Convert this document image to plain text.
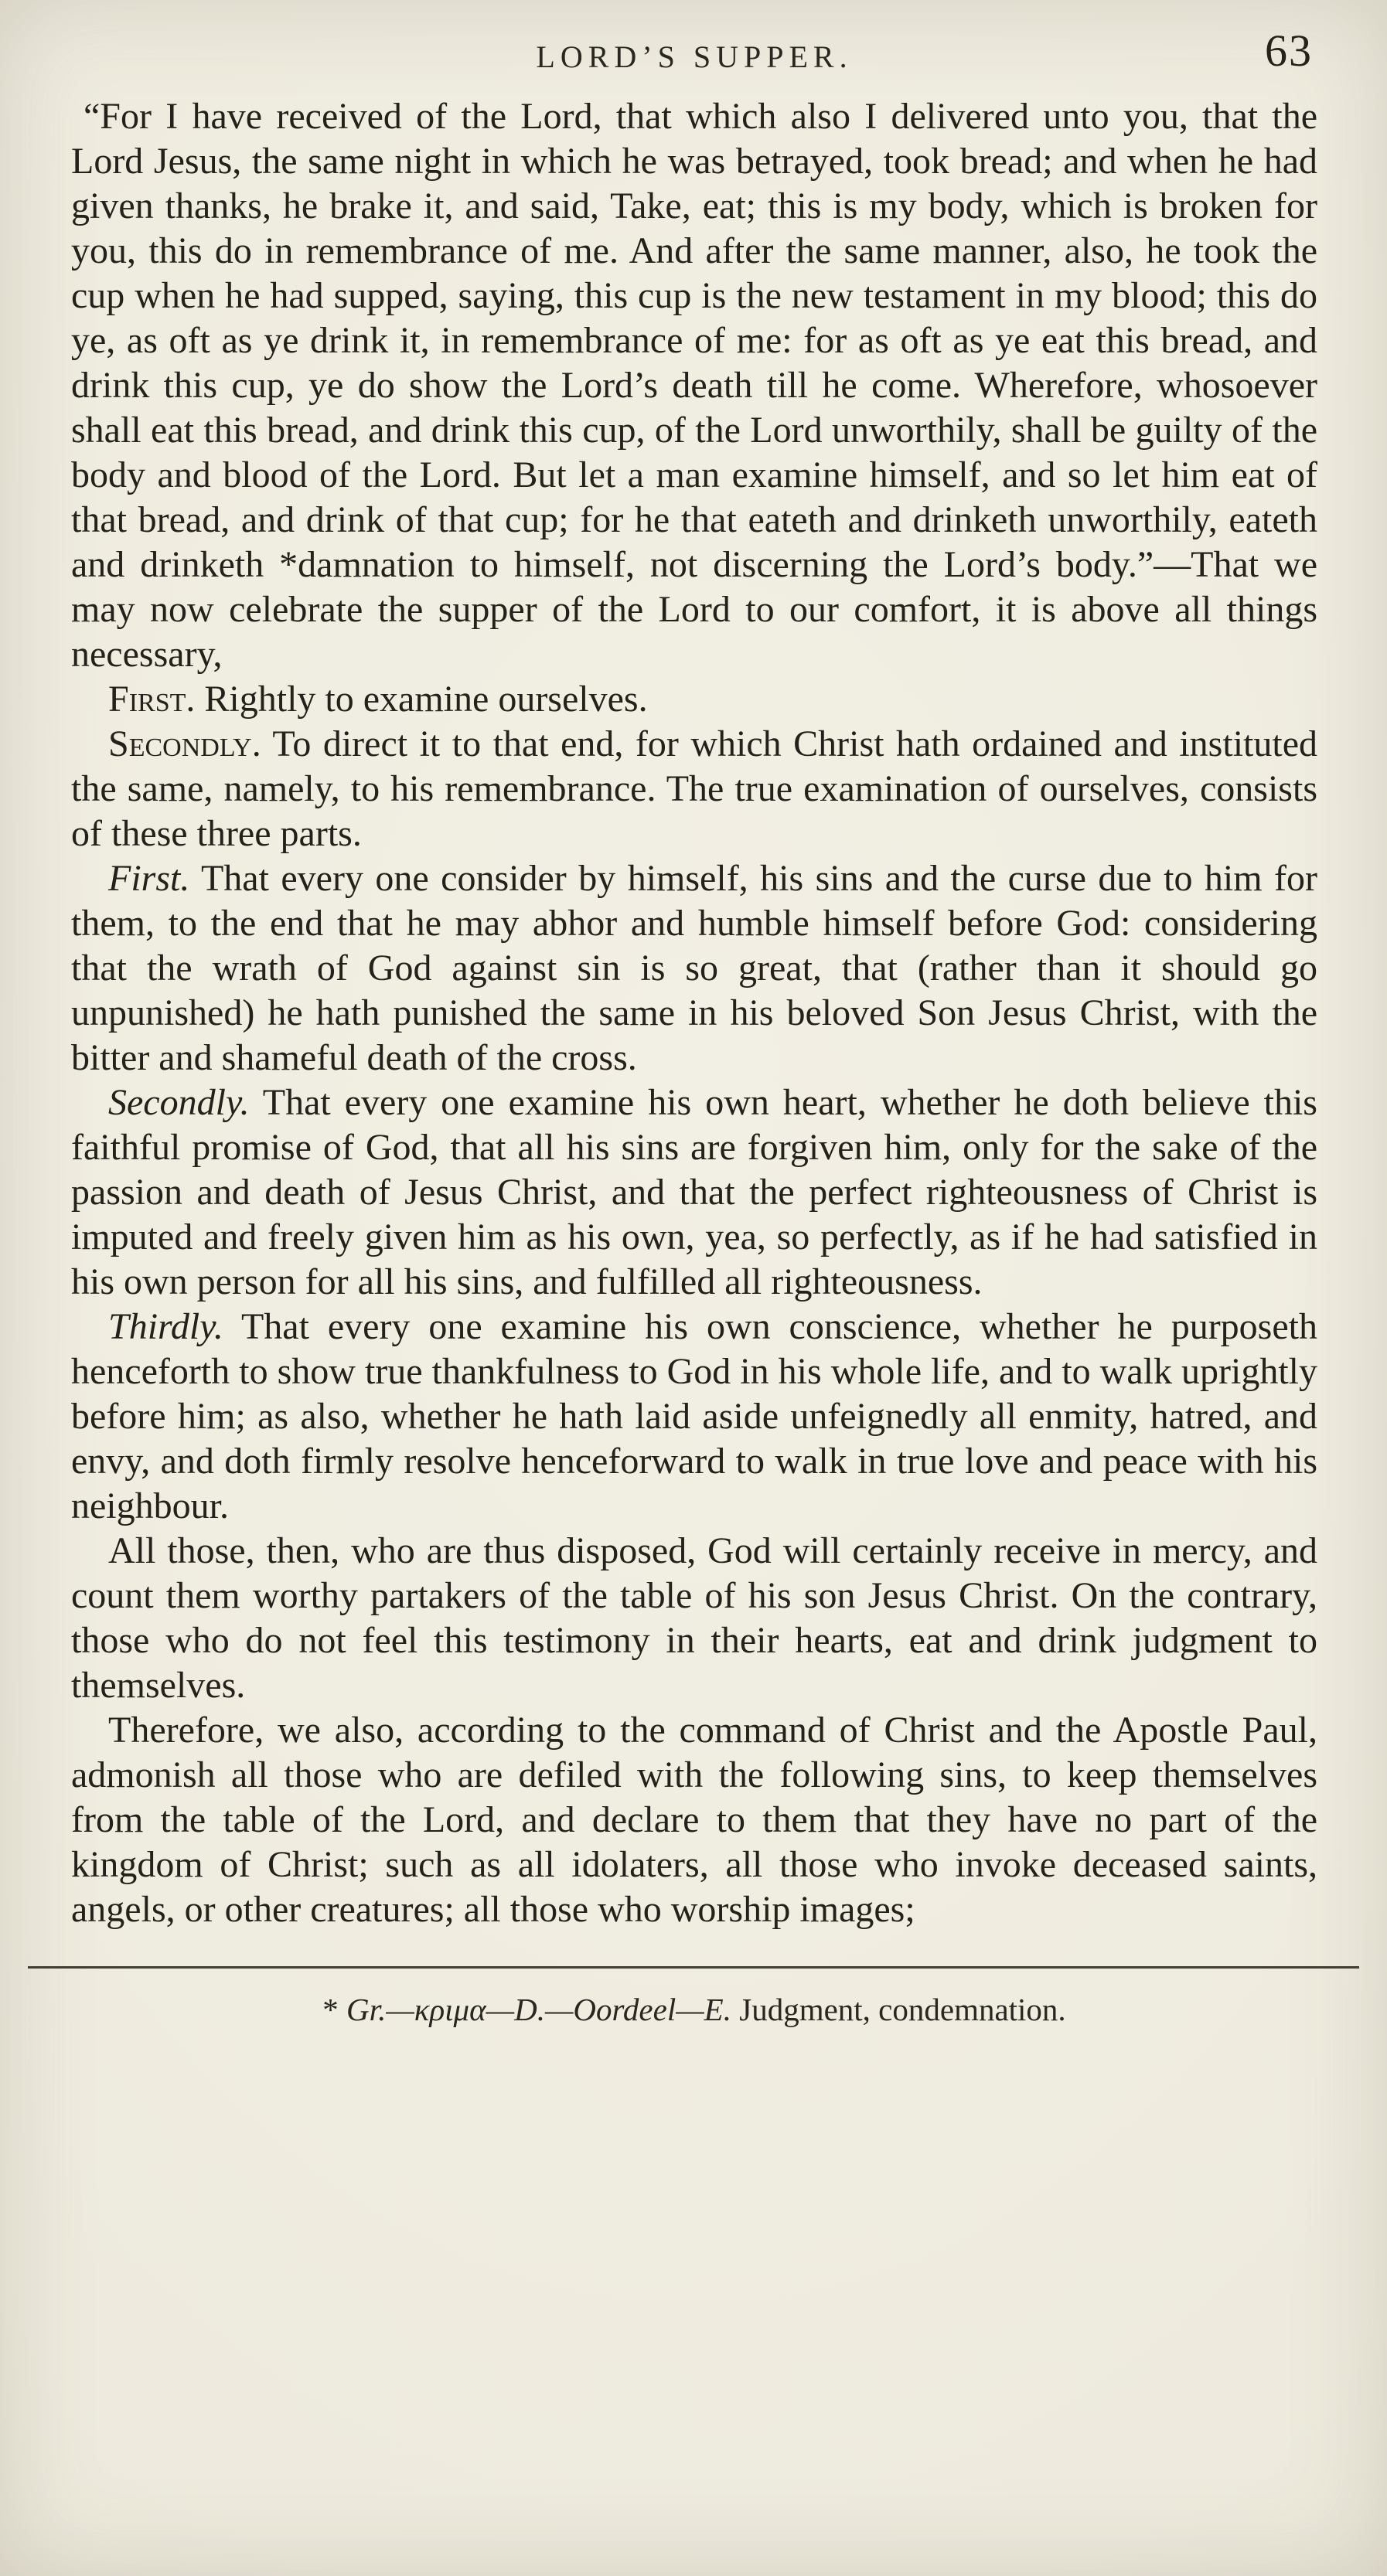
LORD’S SUPPER.	63

“For I have received of the Lord, that which also I delivered unto you, that the Lord Jesus, the same night in which he was betrayed, took bread; and when he had given thanks, he brake it, and said, Take, eat; this is my body, which is broken for you, this do in remembrance of me. And after the same manner, also, he took the cup when he had supped, saying, this cup is the new testament in my blood; this do ye, as oft as ye drink it, in remembrance of me: for as oft as ye eat this bread, and drink this cup, ye do show the Lord’s death till he come. Wherefore, whosoever shall eat this bread, and drink this cup, of the Lord unworthily, shall be guilty of the body and blood of the Lord. But let a man examine himself, and so let him eat of that bread, and drink of that cup; for he that eateth and drinketh unworthily, eateth and drinketh *damnation to himself, not discerning the Lord’s body.”—That we may now celebrate the supper of the Lord to our comfort, it is above all things necessary,

First. Rightly to examine ourselves.

Secondly. To direct it to that end, for which Christ hath ordained and instituted the same, namely, to his remembrance. The true examination of ourselves, consists of these three parts.

First. That every one consider by himself, his sins and the curse due to him for them, to the end that he may abhor and humble himself before God: considering that the wrath of God against sin is so great, that (rather than it should go unpunished) he hath punished the same in his beloved Son Jesus Christ, with the bitter and shameful death of the cross.

Secondly. That every one examine his own heart, whether he doth believe this faithful promise of God, that all his sins are forgiven him, only for the sake of the passion and death of Jesus Christ, and that the perfect righteousness of Christ is imputed and freely given him as his own, yea, so perfectly, as if he had satisfied in his own person for all his sins, and fulfilled all righteousness.

Thirdly. That every one examine his own conscience, whether he purposeth henceforth to show true thankfulness to God in his whole life, and to walk uprightly before him; as also, whether he hath laid aside unfeignedly all enmity, hatred, and envy, and doth firmly resolve henceforward to walk in true love and peace with his neighbour.

All those, then, who are thus disposed, God will certainly receive in mercy, and count them worthy partakers of the table of his son Jesus Christ. On the contrary, those who do not feel this testimony in their hearts, eat and drink judgment to themselves.

Therefore, we also, according to the command of Christ and the Apostle Paul, admonish all those who are defiled with the following sins, to keep themselves from the table of the Lord, and declare to them that they have no part of the kingdom of Christ; such as all idolaters, all those who invoke deceased saints, angels, or other creatures; all those who worship images;

* Gr.—κριμα—D.—Oordeel—E. Judgment, condemnation.
